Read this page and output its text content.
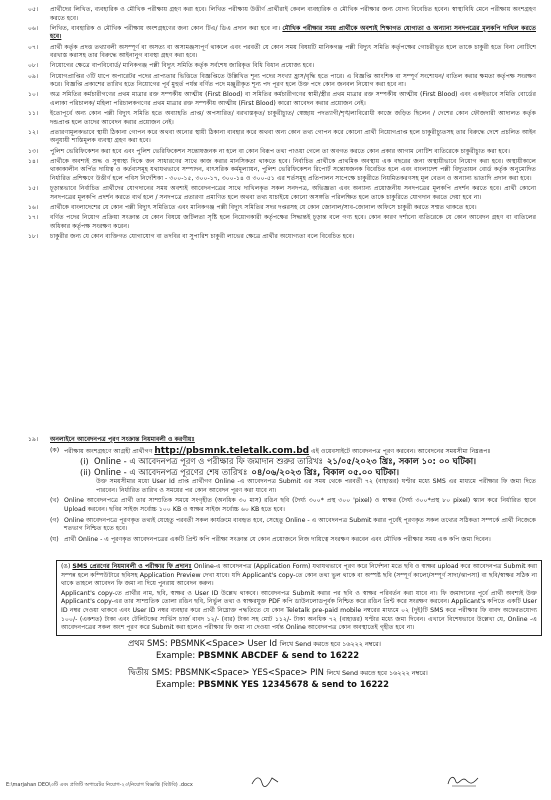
০৫।	প্রার্থীদের লিখিত, ব্যবহারিক ও মৌখিক পরীক্ষায় গ্রহণ করা হবে। লিখিত পরীক্ষায় উত্তীর্ণ প্রার্থীরাই কেবল ব্যবহারিক ও মৌখিক পরীক্ষার জন্য যোগ্য বিবেচিত হবেন। স্বাস্থ্যবিধি মেনে পরীক্ষায় অংশগ্রহণ করতে হবে।
০৬।	লিখিত, ব্যবহারিক ও মৌখিক পরীক্ষায় অংশগ্রহণের জন্য কোন টিএ/ ডিএ প্রদান করা হবে না। মৌখিক পরীক্ষার সময় প্রার্থীকে অবশ্যই শিক্ষাগত যোগ্যতা ও অন্যান্য সনদপত্রের মূলকপি দাখিল করতে হবে।
০৭।	প্রার্থী কর্তৃক প্রদত্ত তথ্যাবলী অসম্পূর্ণ বা অসত্য বা অসামঞ্জস্যপূর্ণ থাকলে এবং পরবর্তী যে কোন সময় বিষয়টি মানিকগঞ্জ পল্লী বিদ্যুৎ সমিতি কর্তৃপক্ষের গোচরীভূত হলে তাকে চাকুরী হতে বিনা নোটিশে বরখাস্ত করাসহ তার বিরুদ্ধে আইনানুগ ব্যবস্থা গ্রহণ করা হবে।
০৮।	নিয়োগের ক্ষেত্রে বাপবিবোর্ড/ মানিকগঞ্জ পল্লী বিদ্যুৎ সমিতি কর্তৃক সর্বশেষ জারিকৃত বিধি বিধান প্রযোজ্য হবে।
০৯।	নিয়োগপ্রাপ্তির ৩টি ধাপে অপারেটর পদের প্রাপ্যতার ভিত্তিতে বিজ্ঞপ্তিতে উল্লিখিত শূন্য পদের সংখ্যা হ্রাস/বৃদ্ধি হতে পারে। এ বিজ্ঞপ্তি আংশিক বা সম্পূর্ণ সংশোধন/ বাতিল করার ক্ষমতা কর্তৃপক্ষ সংরক্ষণ করে। বিজ্ঞপ্তি প্রকাশের তারিখ হতে নিয়োগের পূর্ব মুহুর্ত পর্যন্ত বর্ণিত পদে মঞ্জুরীকৃত শূন্য পদ পূরণ হলে উক্ত পদে কোন জনবল নিয়োগ করা হবে না।
১০।	অত্র সমিতির কর্মচারীগণের প্রথম মাত্রার রক্ত সম্পর্কীয় আত্মীয় (First Blood) বা সমিতির কর্মচারীগণের স্বামী/স্ত্রীর প্রথম মাত্রার রক্ত সম্পর্কীয় আত্মীয় (First Blood) এবং একইভাবে সমিতি বোর্ডের এলাকা পরিচালক/ মহিলা পরিচালকগণের প্রথম মাত্রার রক্ত সম্পর্কীয় আত্মীয় (First Blood) কারো আবেদন করার প্রয়োজন নেই।
১১।	ইতোপূর্বে অন্য কোন পল্লী বিদ্যুৎ সমিতি হতে অব্যাহতি প্রাপ্ত/ অপসারিত/ বরখাস্তকৃত/ চাকুরীচ্যুত/ স্বেচ্ছায় পদত্যাগী/শৃঙ্খলাবিরোধী কাজে জড়িত ছিলেন / দেশের কোন ফৌজদারী আদালত কর্তৃক দন্ডপ্রাপ্ত হলে তাদের আবেদন করার প্রয়োজন নেই।
১২।	প্রতারণামূলকভাবে স্থায়ী ঠিকানা গোপন করে অথবা অন্যের স্থায়ী ঠিকানা ব্যবহার করে অথবা অন্য কোন তথ্য গোপন করে কোনো প্রার্থী নিয়োগপ্রাপ্ত হলে চাকুরীচ্যুতসহ তার বিরুদ্ধে দেশে প্রচলিত আইন অনুযায়ী শাস্তিমূলক ব্যবস্থা গ্রহণ করা হবে।
১৩।	পুলিশ ভেরিফিকেশন করা হবে এবং পুলিশ ভেরিফিকেশন সন্তোষজনক না হলে বা কোন বিরূপ তথ্য পাওয়া গেলে তা অবগত করতে কোন প্রকার আগাম নোটিশ ব্যতিরেকে চাকুরীচ্যুত করা হবে।
১৪।	প্রার্থীকে অবশ্যই শুদ্ধ ও সুস্বাস্থ্য দিকে জন সাধারণের সাথে কাজ করার মানসিকতা থাকতে হবে। নির্বাচিত প্রার্থীকে প্রাথমিক অবস্থায় এক বছরের জন্য অস্থায়ীভাবে নিয়োগ করা হবে। অস্থায়ীকালে থাকাকালীন অর্পিত দায়িত্ব ও কর্তব্যসমূহ যথাযথভাবে সম্পাদন, বাৎসরিক কর্মমূল্যায়ন, পুলিশ ভেরিফিকেশন রিপোর্ট সন্তোষজনক বিবেচিত হলে এবং বাংলাদেশ পল্লী বিদ্যুতায়ন বোর্ড কর্তৃক অনুমোদিত নির্ধারিত প্রশিক্ষণে উত্তীর্ণ হলে পবিস নির্দেশিকা - ৩০০-১৫, ৩০০-১৭, ৩০০-১৪ ও ৩০০-৫১ এর শর্তসমূহ প্রতিপালন সাপেক্ষে চাকুরীতে নিয়মিতকরণসহ মূল বেতন ও অন্যান্য ভাতাদি প্রদান করা হবে।
১৫।	চূড়ান্তভাবে নির্বাচিত প্রার্থীদের যোগদানের সময় অবশ্যই আবেদনপত্রের সাথে দাখিলকৃত সকল সনদপত্র, অভিজ্ঞতা এবং অন্যান্য প্রয়োজনীয় সনদপত্রের মূলকপি প্রদর্শন করতে হবে। প্রার্থী কোনো সনদপত্রের মূলকপি প্রদর্শন করতে ব্যর্থ হলে / সনদপত্রে প্রতারণা প্রমাণিত হলে অথবা তথ্য যাচাইয়ে কোনো অসঙ্গতি পরিলক্ষিত হলে তাকে চাকুরিতে যোগদান করতে দেয়া হবে না।
১৬।	প্রার্থীকে বাংলাদেশের যে কোন পল্লী বিদ্যুৎ সমিতিতে এবং মানিকগঞ্জ পল্লী বিদ্যুৎ সমিতির সদর দপ্তরসহ যে কোন জোনাল/সাব-জোনাল অফিসে চাকুরী করতে সম্মত থাকতে হবে।
১৭।	বর্ণিত পদের নিয়োগ প্রক্রিয়া সংক্রান্ত যে কোন বিষয়ে জটিলতা সৃষ্টি হলে নিয়োগকারী কর্তৃপক্ষের সিদ্ধান্তই চূড়ান্ত বলে গণ্য হবে। কোন কারণ দর্শানো ব্যতিরেকে যে কোন আবেদন গ্রহণ বা বাতিলের অধিকার কর্তৃপক্ষ সংরক্ষণ করেন।
১৮।	চাকুরীর জন্য যে কোন ব্যক্তিগত যোগাযোগ বা তদবির বা সুপারিশ চাকুরী লাভের ক্ষেত্রে প্রার্থীর অযোগ্যতা বলে বিবেচিত হবে।
১৯।	অনলাইনে আবেদনপত্র পূরণ সংক্রান্ত নিয়মাবলী ও করণীয়ঃ
(ক) পরীক্ষায় অংশগ্রহণে আগ্রহী প্রার্থীগণ http://pbsmnk.teletalk.com.bd এই ওয়েবসাইটে আবেদনপত্র পূরণ করবেন। আবেদনের সময়সীমা নিম্নরূপঃ
(i) Online - এ আবেদনপত্র পূরণ ও পরীক্ষার ফি জমাদান শুরুর তারিখঃ ২১/০৫/২০২৩ খ্রিঃ, সকাল ১০: ০০ ঘটিকা।
(ii) Online - এ আবেদনপত্র পূরণের শেষ তারিখঃ ০৪/০৬/২০২৩ খ্রিঃ, বিকাল ০৫.০০ ঘটিকা।
উক্ত সময়সীমার মধ্যে User Id প্রাপ্ত প্রার্থীগণ Online -এ আবেদনপত্র Submit এর সময় থেকে পরবর্তী ৭২ (বাহাত্তর) ঘণ্টার মধ্যে SMS এর মাধ্যমে পরীক্ষার ফি জমা দিতে পারবেন। নির্ধারিত তারিখ ও সময়ের পর কোন আবেদন পূরণ করা যাবে না।
(খ) Online আবেদনপত্রে প্রার্থী তার সাম্প্রতিক সময়ে সংগৃহীত (অনধিক ৩০ মাস) রঙিন ছবি (দৈর্ঘ্য ৩০০* প্রস্থ ৩০০ 'pixel) ও স্বাক্ষর (দৈর্ঘ্য ৩০০*প্রস্থ ৮০ pixel) স্ক্যান করে নির্ধারিত স্থানে Upload করবেন। ছবির সাইজ সর্বোচ্চ ১০০ KB ও স্বাক্ষর সাইজ সর্বোচ্চ ৬০ KB হতে হবে।
(গ) Online আবেদনপত্রে পূরণকৃত তথ্যই যেহেতু পরবর্তী সকল কার্যক্রমে ব্যবহৃত হবে, সেহেতু Online - এ আবেদনপত্র Submit করার পূর্বেই পূরণকৃত সকল তথ্যের সঠিকতা সম্পর্কে প্রার্থী নিজেকে শতভাগ নিশ্চিত হতে হবে।
(ঘ) প্রার্থী Online - এ পূরণকৃত আবেদনপত্রের একটি প্রিন্ট কপি পরীক্ষা সংক্রান্ত যে কোন প্রয়োজনে নিজ দায়িত্বে সংরক্ষণ করবেন এবং মৌখিক পরীক্ষার সময় এক কপি জমা দিবেন।
(ঙ) SMS প্রেরণের নিয়মাবলী ও পরীক্ষার ফি প্রদানঃ Online-এ আবেদনপত্র (Application Form) যথাযথভাবে পূরণ করে নির্দেশনা মতে ছবি ও স্বাক্ষর upload করে আবেদনপত্র Submit করা সম্পন্ন হলে কম্পিউটারে ছবিসহ Application Preview দেখা যাবে। যদি Applicant's copy-তে কোন তথ্য ভুল থাকে বা অস্পষ্ট ছবি (সম্পূর্ণ কালো/সম্পূর্ণ সাদা/ঝাপসা) বা ছবি/স্বাক্ষর সঠিক না থাকে তাহলে আবেদন ফি জমা না দিয়ে পুনরায় আবেদন করুন।
Applicant's copy-তে প্রার্থীর নাম, ছবি, স্বাক্ষর ও User ID উল্লেখ থাকবে। আবেদনপত্র Submit করার পর ছবি ও স্বাক্ষর পরিবর্তন করা যাবে না। ফি জমাদানের পূর্বে প্রার্থী অবশ্যই উক্ত Applicant's copy-এর তার সাম্প্রতিক তোলা রঙিন ছবি, নির্ভুল তথ্য ও স্বাক্ষরযুক্ত PDF কপি ডাউনলোডপূর্বক নিশ্চিত করে রঙিন প্রিন্ট করে সংরক্ষণ করবেন। Applicant's কপিতে একটি User ID নম্বর দেওয়া থাকবে এবং User ID নম্বর ব্যবহার করে প্রার্থী নিম্নোক্ত পদ্ধতিতে যে কোন Teletalk pre-paid mobile নম্বরের মাধ্যমে ০২ (দুই)টি SMS করে পরীক্ষার ফি বাবদ অফেরতযোগ্য ১০০/- (একশত) টাকা এবং টেলিটকের সার্ভিস চার্জ বাবদ ১২/- (বার) টাকা সহ মোট ১১২/- টাকা অনধিক ৭২ (বাহাত্তর) ঘণ্টার মধ্যে জমা দিবেন। এখানে বিশেষভাবে উল্লেখ্য যে, Online -এ আবেদনপত্রের সকল অংশ পূরণ করে Submit করা হলেও পরীক্ষার ফি জমা না দেওয়া পর্যন্ত Online আবেদনপত্র কোন অবস্থাতেই গৃহীত হবে না।
প্রথম SMS: PBSMNK<Space> User Id লিখে Send করতে হবে ১৬২২২ নম্বরে।
Example: PBSMNK ABCDEF & send to 16222
দ্বিতীয় SMS: PBSMNK<Space> YES<Space> PIN লিখে Send করতে হবে ১৬২২২ নম্বরে।
Example: PBSMNK YES 12345678 & send to 16222
E:\marjahan DEO\৩টি এবং প্রতিটি অপারেটর নিয়োগ-২৩\নিয়োগ বিজ্ঞপ্তি (বিউবি) .docx
